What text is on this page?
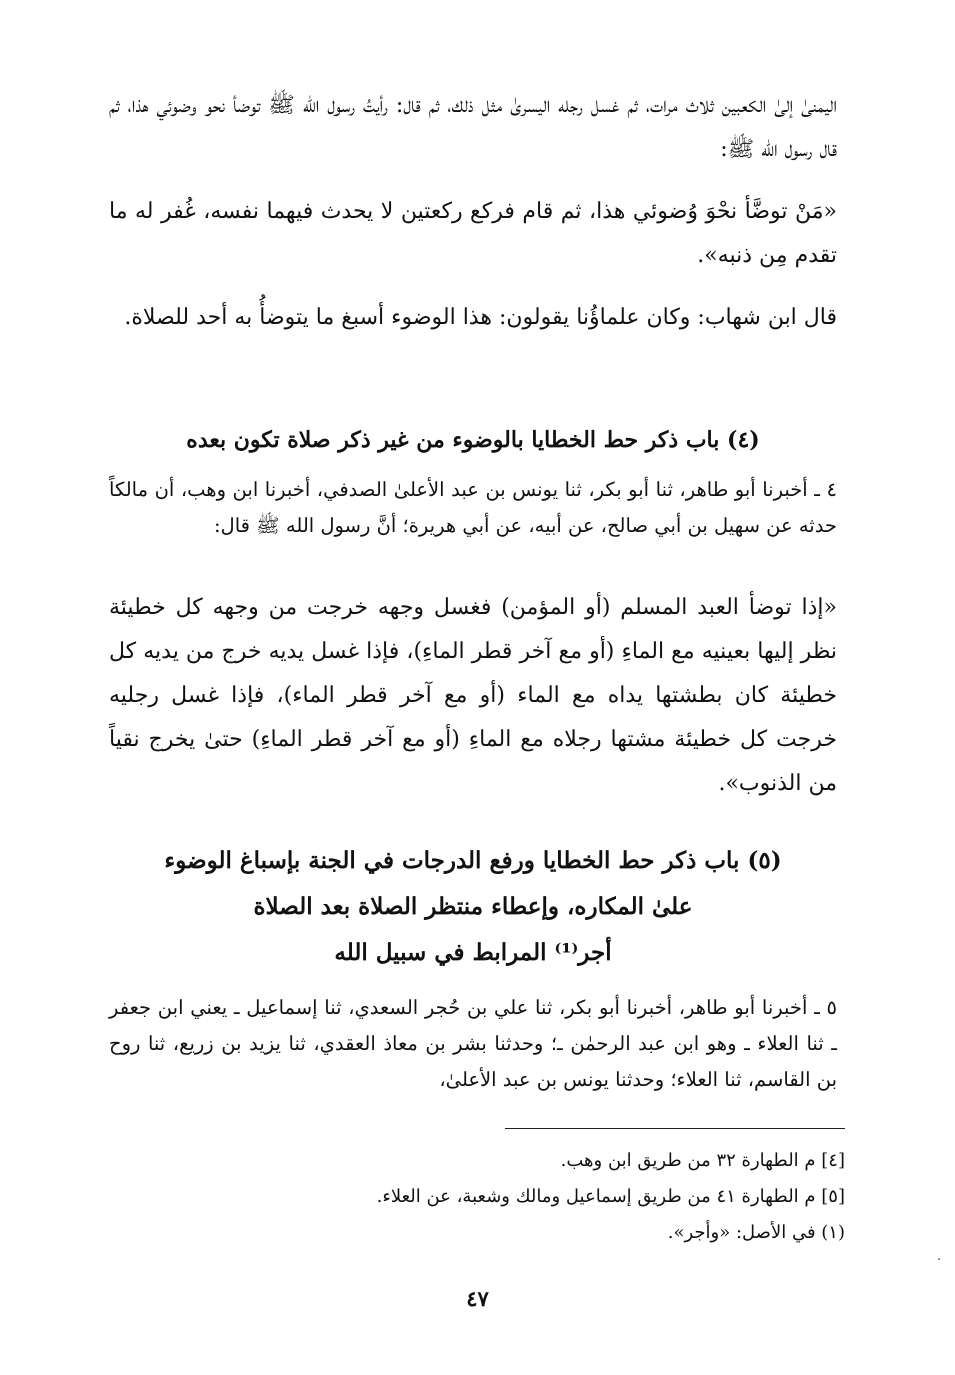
اليمنىٰ إلىٰ الكعبين ثلاث مرات، ثم غسل رجله اليسرىٰ مثل ذلك، ثم قال: رأيتُ رسول الله ﷺ توضأ نحو وضوئي هذا، ثم قال رسول الله ﷺ:

«مَنْ توضَّأ نحْوَ وُضوئي هذا، ثم قام فركع ركعتين لا يحدث فيهما نفسه، غُفر له ما تقدم مِن ذنبه».

قال ابن شهاب: وكان علماؤُنا يقولون: هذا الوضوء أسبغ ما يتوضأُ به أحد للصلاة.

(٤) باب ذكر حط الخطايا بالوضوء من غير ذكر صلاة تكون بعده

٤ ـ أخبرنا أبو طاهر، ثنا أبو بكر، ثنا يونس بن عبد الأعلىٰ الصدفي، أخبرنا ابن وهب، أن مالكاً حدثه عن سهيل بن أبي صالح، عن أبيه، عن أبي هريرة؛ أنَّ رسول الله ﷺ قال:

«إذا توضأ العبد المسلم (أو المؤمن) فغسل وجهه خرجت من وجهه كل خطيئة نظر إليها بعينيه مع الماءِ (أو مع آخر قطر الماءِ)، فإذا غسل يديه خرج من يديه كل خطيئة كان بطشتها يداه مع الماء (أو مع آخر قطر الماء)، فإذا غسل رجليه خرجت كل خطيئة مشتها رجلاه مع الماءِ (أو مع آخر قطر الماءِ) حتىٰ يخرج نقياً من الذنوب».

(٥) باب ذكر حط الخطايا ورفع الدرجات في الجنة بإسباغ الوضوء
علىٰ المكاره، وإعطاء منتظر الصلاة بعد الصلاة
أجر⁽¹⁾ المرابط في سبيل الله

٥ ـ أخبرنا أبو طاهر، أخبرنا أبو بكر، ثنا علي بن حُجر السعدي، ثنا إسماعيل ـ يعني ابن جعفر ـ ثنا العلاء ـ وهو ابن عبد الرحمٰن ـ؛ وحدثنا بشر بن معاذ العقدي، ثنا يزيد بن زريع، ثنا روح بن القاسم، ثنا العلاء؛ وحدثنا يونس بن عبد الأعلىٰ،

[٤] م الطهارة ٣٢ من طريق ابن وهب.

[٥] م الطهارة ٤١ من طريق إسماعيل ومالك وشعبة، عن العلاء.

(١) في الأصل: «وأجر».

٤٧
